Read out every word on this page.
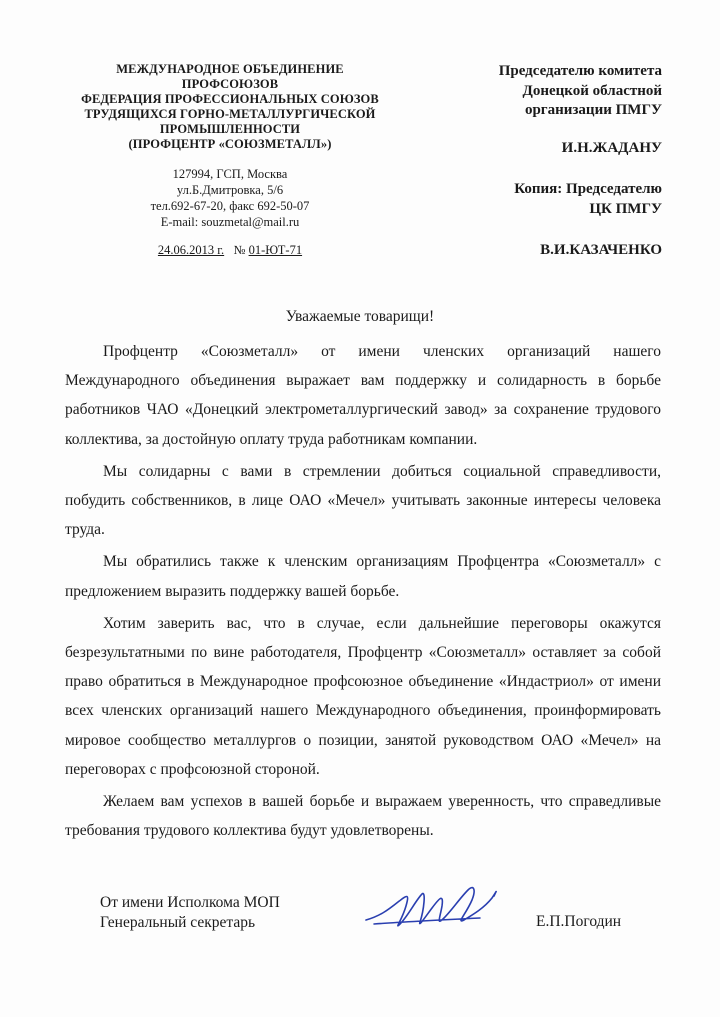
МЕЖДУНАРОДНОЕ ОБЪЕДИНЕНИЕ
ПРОФСОЮЗОВ
ФЕДЕРАЦИЯ ПРОФЕССИОНАЛЬНЫХ СОЮЗОВ
ТРУДЯЩИХСЯ ГОРНО-МЕТАЛЛУРГИЧЕСКОЙ
ПРОМЫШЛЕННОСТИ
(ПРОФЦЕНТР «СОЮЗМЕТАЛЛ»)
127994, ГСП, Москва
ул.Б.Дмитровка, 5/6
тел.692-67-20, факс 692-50-07
E-mail: souzmetal@mail.ru
24.06.2013 г. № 01-ЮТ-71
Председателю комитета
Донецкой областной
организации ПМГУ
И.Н.ЖАДАНУ
Копия: Председателю
ЦК ПМГУ
В.И.КАЗАЧЕНКО
Уважаемые товарищи!

Профцентр «Союзметалл» от имени членских организаций нашего Международного объединения выражает вам поддержку и солидарность в борьбе работников ЧАО «Донецкий электрометаллургический завод» за сохранение трудового коллектива, за достойную оплату труда работникам компании.

Мы солидарны с вами в стремлении добиться социальной справедливости, побудить собственников, в лице ОАО «Мечел» учитывать законные интересы человека труда.

Мы обратились также к членским организациям Профцентра «Союзметалл» с предложением выразить поддержку вашей борьбе.

Хотим заверить вас, что в случае, если дальнейшие переговоры окажутся безрезультатными по вине работодателя, Профцентр «Союзметалл» оставляет за собой право обратиться в Международное профсоюзное объединение «Индастриол» от имени всех членских организаций нашего Международного объединения, проинформировать мировое сообщество металлургов о позиции, занятой руководством ОАО «Мечел» на переговорах с профсоюзной стороной.

Желаем вам успехов в вашей борьбе и выражаем уверенность, что справедливые требования трудового коллектива будут удовлетворены.

От имени Исполкома МОП
Генеральный секретарь	Е.П.Погодин
